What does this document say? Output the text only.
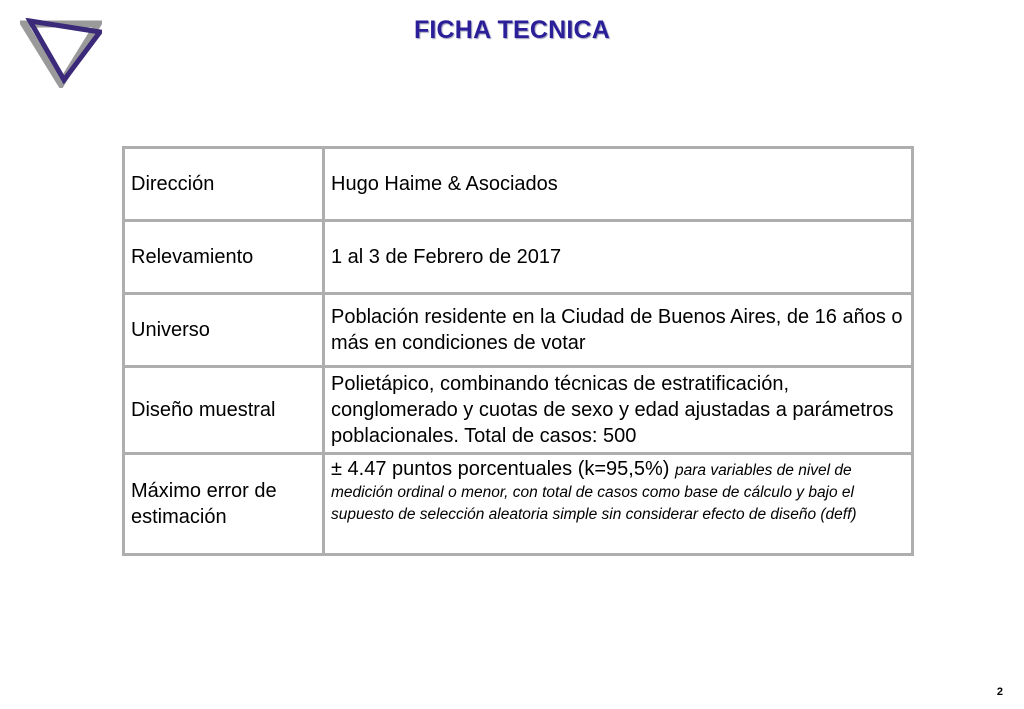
FICHA TECNICA
Dirección	Hugo Haime & Asociados
Relevamiento	1 al 3 de Febrero de 2017
Universo	Población residente en la Ciudad de Buenos Aires, de 16 años o más en condiciones de votar
Diseño muestral	Polietápico, combinando técnicas de estratificación, conglomerado y cuotas de sexo y edad ajustadas a parámetros poblacionales. Total de casos: 500
Máximo error de estimación	± 4.47 puntos porcentuales (k=95,5%) para variables de nivel de medición ordinal o menor, con total de casos como base de cálculo y bajo el supuesto de selección aleatoria simple sin considerar efecto de diseño (deff)
2
